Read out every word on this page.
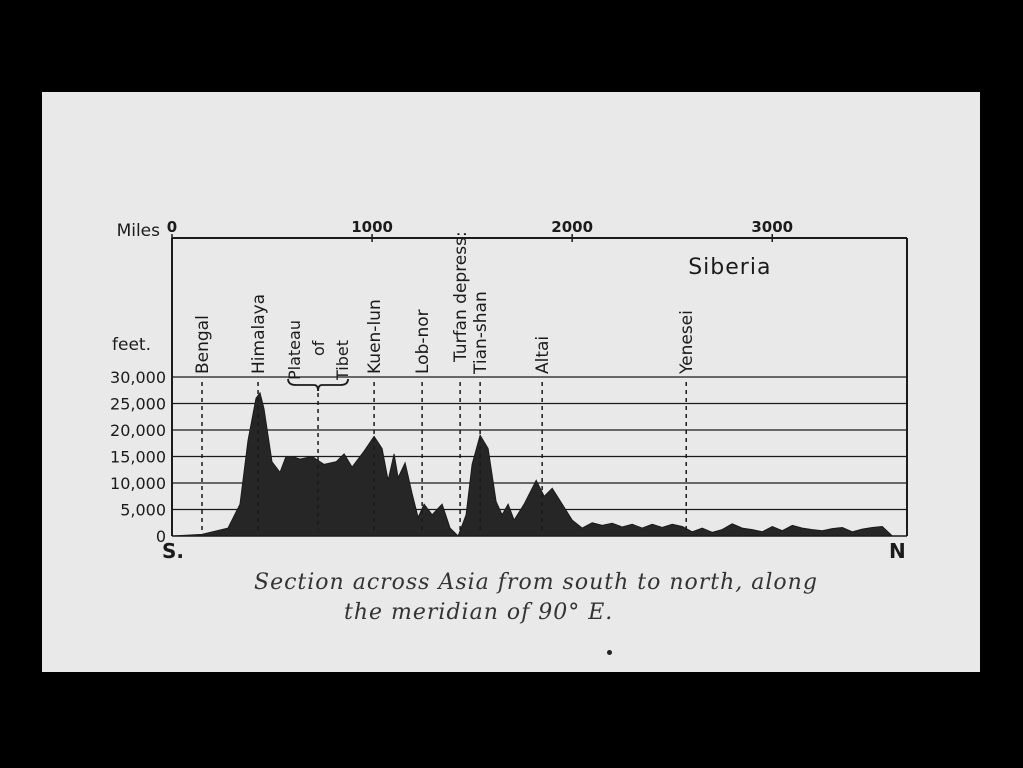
0
5,000
10,000
15,000
20,000
25,000
30,000
0	1000	2000	3000
Miles
feet.
S.	N
Siberia
Bengal Himalaya Plateau of Tibet Kuen-lun Lob-nor Turfan depress: Tian-shan Altai	Yenesei
Section across Asia from south to north, along
the meridian of 90° E.
